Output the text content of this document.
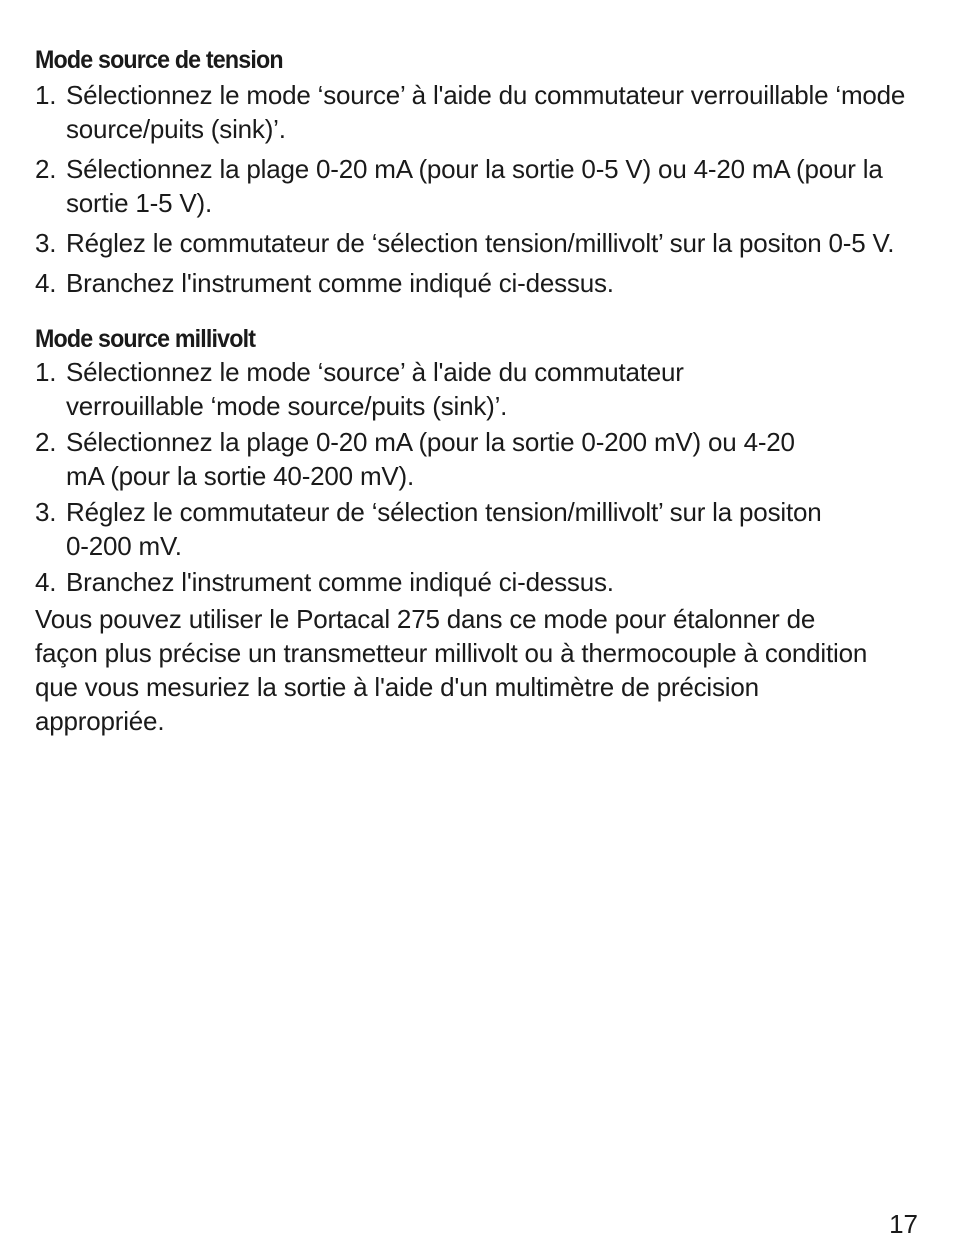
Mode source de tension
1. Sélectionnez le mode ‘source’ à l'aide du commutateur verrouillable ‘mode source/puits (sink)’.
2. Sélectionnez la plage 0-20 mA (pour la sortie 0-5 V) ou 4-20 mA (pour la sortie 1-5 V).
3. Réglez le commutateur de ‘sélection tension/millivolt’ sur la positon 0-5 V.
4. Branchez l'instrument comme indiqué ci-dessus.
Mode source millivolt
1. Sélectionnez le mode ‘source’ à l'aide du commutateur verrouillable ‘mode source/puits (sink)’.
2. Sélectionnez la plage 0-20 mA (pour la sortie 0-200 mV) ou 4-20 mA (pour la sortie 40-200 mV).
3. Réglez le commutateur de ‘sélection tension/millivolt’ sur la positon 0-200 mV.
4. Branchez l'instrument comme indiqué ci-dessus.

Vous pouvez utiliser le Portacal 275 dans ce mode pour étalonner de façon plus précise un transmetteur millivolt ou à thermocouple à condition que vous mesuriez la sortie à l'aide d'un multimètre de précision appropriée.

17
